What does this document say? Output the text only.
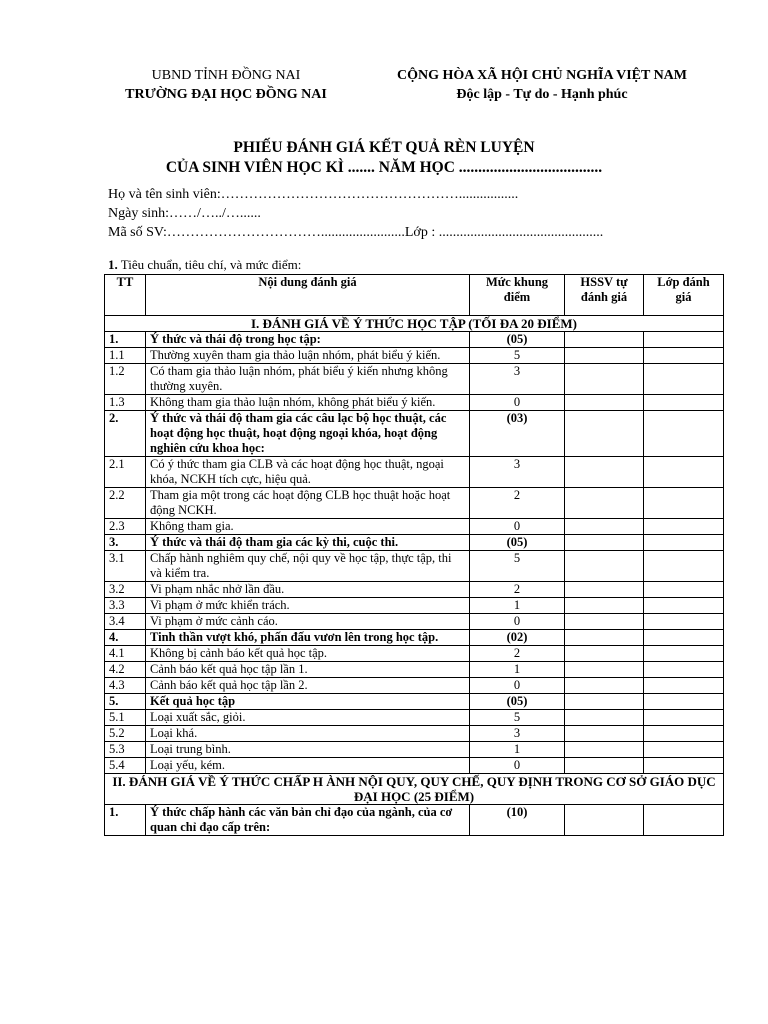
UBND TỈNH ĐỒNG NAI
TRƯỜNG ĐẠI HỌC ĐỒNG NAI
CỘNG HÒA XÃ HỘI CHỦ NGHĨA VIỆT NAM
Độc lập - Tự do - Hạnh phúc
PHIẾU ĐÁNH GIÁ KẾT QUẢ RÈN LUYỆN
CỦA SINH VIÊN HỌC KÌ ....... NĂM HỌC .....................................
Họ và tên sinh viên:…………………………………………….................
Ngày sinh:……/…../…......
Mã số SV:……………………………........................Lớp : ...............................................
1. Tiêu chuẩn, tiêu chí, và mức điểm:
TT	Nội dung đánh giá	Mức khung điểm	HSSV tự đánh giá	Lớp đánh giá
I. ĐÁNH GIÁ VỀ Ý THỨC HỌC TẬP (TỐI ĐA 20 ĐIỂM)				
1.	Ý thức và thái độ trong học tập:	(05)		
1.1	Thường xuyên tham gia thảo luận nhóm, phát biểu ý kiến.	5		
1.2	Có tham gia thảo luận nhóm, phát biểu ý kiến nhưng không thường xuyên.	3		
1.3	Không tham gia thảo luận nhóm, không phát biểu ý kiến.	0		
2.	Ý thức và thái độ tham gia các câu lạc bộ học thuật, các hoạt động học thuật, hoạt động ngoại khóa, hoạt động nghiên cứu khoa học:	(03)		
2.1	Có ý thức tham gia CLB và các hoạt động học thuật, ngoại khóa, NCKH tích cực, hiệu quả.	3		
2.2	Tham gia một trong các hoạt động CLB học thuật hoặc hoạt động NCKH.	2		
2.3	Không tham gia.	0		
3.	Ý thức và thái độ tham gia các kỳ thi, cuộc thi.	(05)		
3.1	Chấp hành nghiêm quy chế, nội quy về học tập, thực tập, thi và kiểm tra.	5		
3.2	Vi phạm nhắc nhở lần đầu.	2		
3.3	Vi phạm ở mức khiển trách.	1		
3.4	Vi phạm ở mức cảnh cáo.	0		
4.	Tinh thần vượt khó, phấn đấu vươn lên trong học tập.	(02)		
4.1	Không bị cảnh báo kết quả học tập.	2		
4.2	Cảnh báo kết quả học tập lần 1.	1		
4.3	Cảnh báo kết quả học tập lần 2.	0		
5.	Kết quả học tập	(05)		
5.1	Loại xuất sắc, giỏi.	5		
5.2	Loại khá.	3		
5.3	Loại trung bình.	1		
5.4	Loại yếu, kém.	0		
II. ĐÁNH GIÁ VỀ Ý THỨC CHẤP H ÀNH NỘI QUY, QUY CHẾ, QUY ĐỊNH TRONG CƠ SỞ GIÁO DỤC ĐẠI HỌC (25 ĐIỂM)				
1.	Ý thức chấp hành các văn bản chỉ đạo của ngành, của cơ quan chỉ đạo cấp trên:	(10)		
